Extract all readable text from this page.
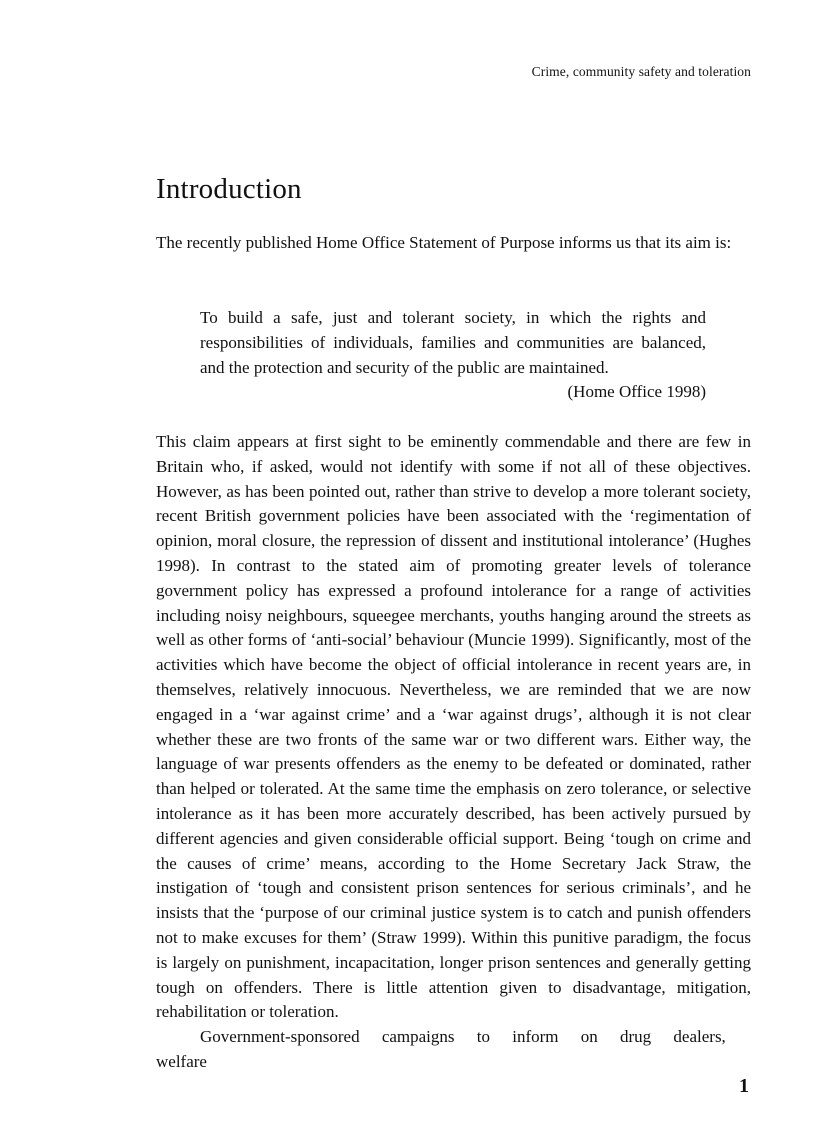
Crime, community safety and toleration
Introduction

The recently published Home Office Statement of Purpose informs us that its aim is:

To build a safe, just and tolerant society, in which the rights and responsibilities of individuals, families and communities are balanced, and the protection and security of the public are maintained.

(Home Office 1998)

This claim appears at first sight to be eminently commendable and there are few in Britain who, if asked, would not identify with some if not all of these objectives. However, as has been pointed out, rather than strive to develop a more tolerant society, recent British government policies have been associated with the ‘regimentation of opinion, moral closure, the repression of dissent and institutional intolerance’ (Hughes 1998). In contrast to the stated aim of promoting greater levels of tolerance government policy has expressed a profound intolerance for a range of activities including noisy neighbours, squeegee merchants, youths hanging around the streets as well as other forms of ‘anti-social’ behaviour (Muncie 1999). Significantly, most of the activities which have become the object of official intolerance in recent years are, in themselves, relatively innocuous. Nevertheless, we are reminded that we are now engaged in a ‘war against crime’ and a ‘war against drugs’, although it is not clear whether these are two fronts of the same war or two different wars. Either way, the language of war presents offenders as the enemy to be defeated or dominated, rather than helped or tolerated. At the same time the emphasis on zero tolerance, or selective intolerance as it has been more accurately described, has been actively pursued by different agencies and given considerable official support. Being ‘tough on crime and the causes of crime’ means, according to the Home Secretary Jack Straw, the instigation of ‘tough and consistent prison sentences for serious criminals’, and he insists that the ‘purpose of our criminal justice system is to catch and punish offenders not to make excuses for them’ (Straw 1999). Within this punitive paradigm, the focus is largely on punishment, incapacitation, longer prison sentences and generally getting tough on offenders. There is little attention given to disadvantage, mitigation, rehabilitation or toleration.

Government-sponsored campaigns to inform on drug dealers, welfare

1
